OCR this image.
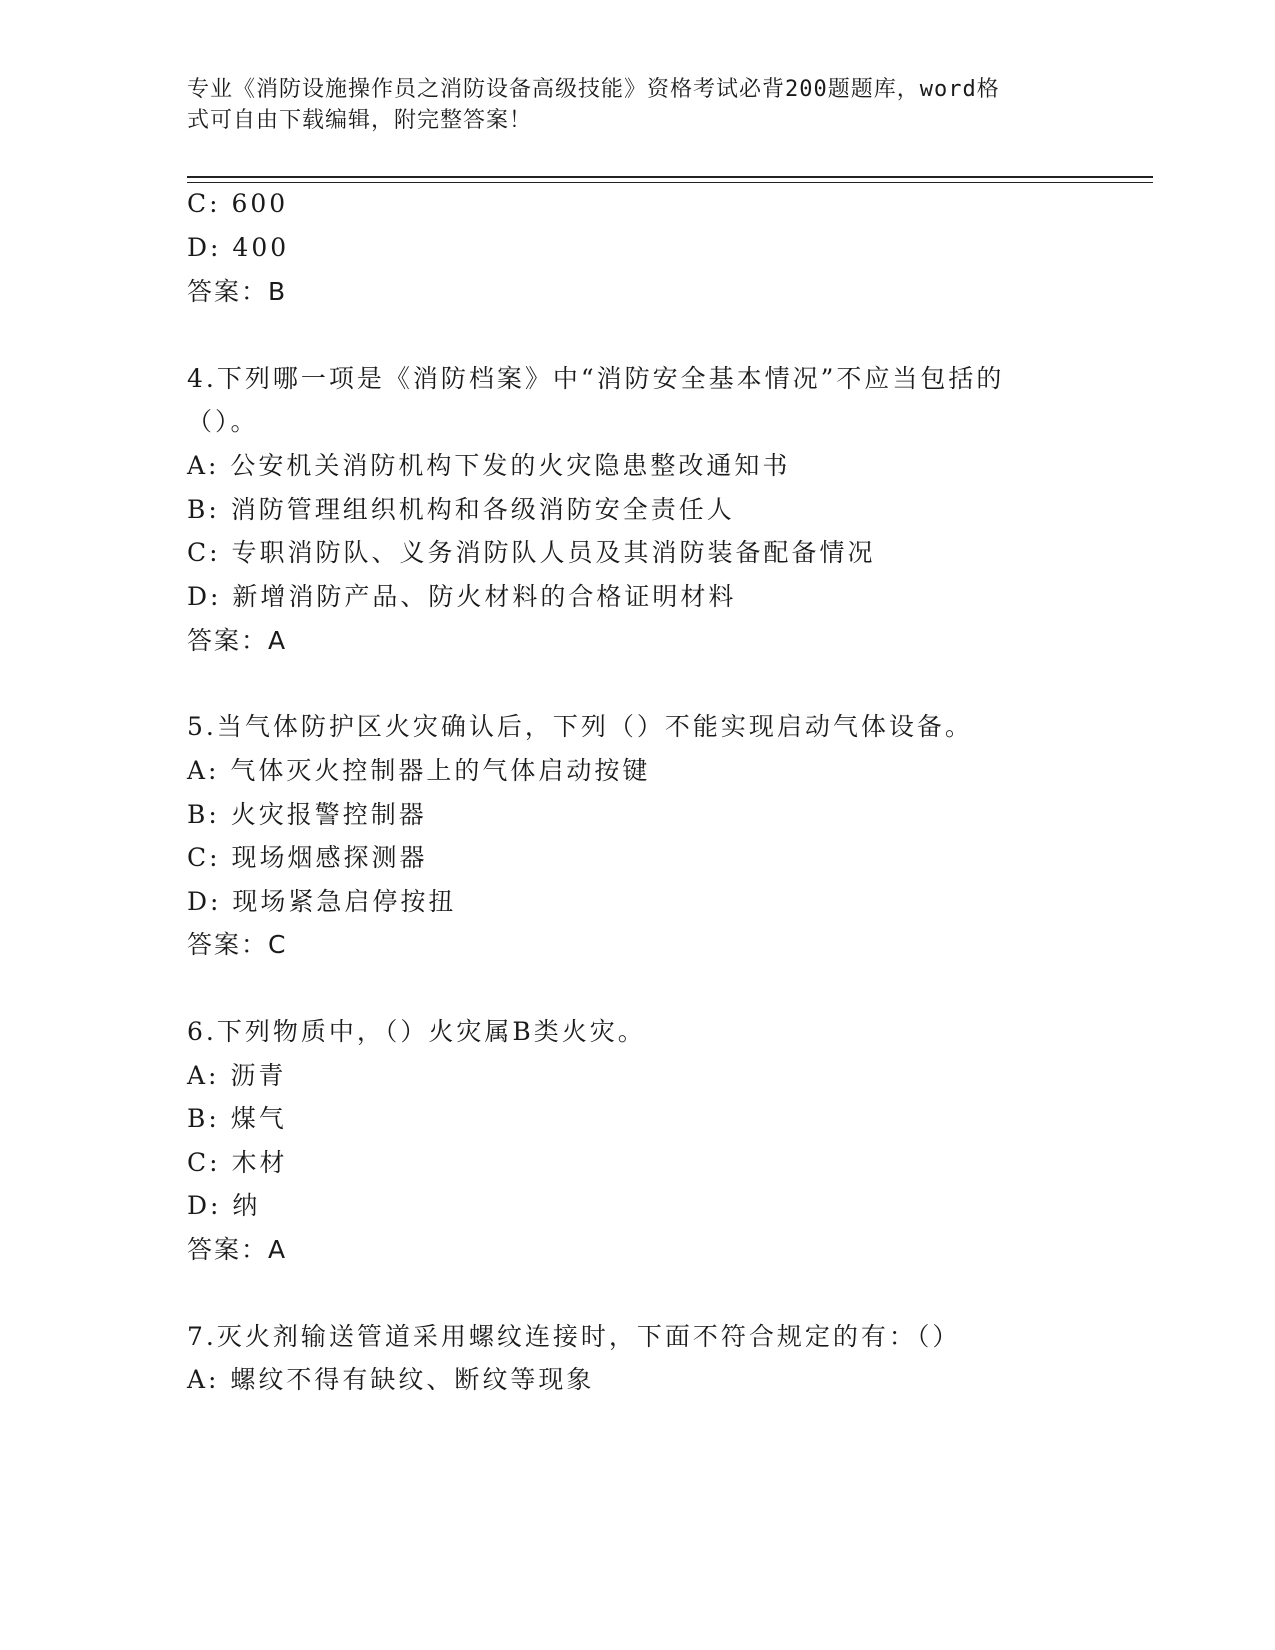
专业《消防设施操作员之消防设备高级技能》资格考试必背200题题库，word格
式可自由下载编辑，附完整答案！
C: 600
D: 400
答案：B
4.下列哪一项是《消防档案》中“消防安全基本情况”不应当包括的
（）。
A: 公安机关消防机构下发的火灾隐患整改通知书
B: 消防管理组织机构和各级消防安全责任人
C: 专职消防队、义务消防队人员及其消防装备配备情况
D: 新增消防产品、防火材料的合格证明材料
答案：A
5.当气体防护区火灾确认后，下列（）不能实现启动气体设备。
A: 气体灭火控制器上的气体启动按键
B: 火灾报警控制器
C: 现场烟感探测器
D: 现场紧急启停按扭
答案：C
6.下列物质中，（）火灾属B类火灾。
A: 沥青
B: 煤气
C: 木材
D: 纳
答案：A
7.灭火剂输送管道采用螺纹连接时，下面不符合规定的有：（）
A: 螺纹不得有缺纹、断纹等现象
